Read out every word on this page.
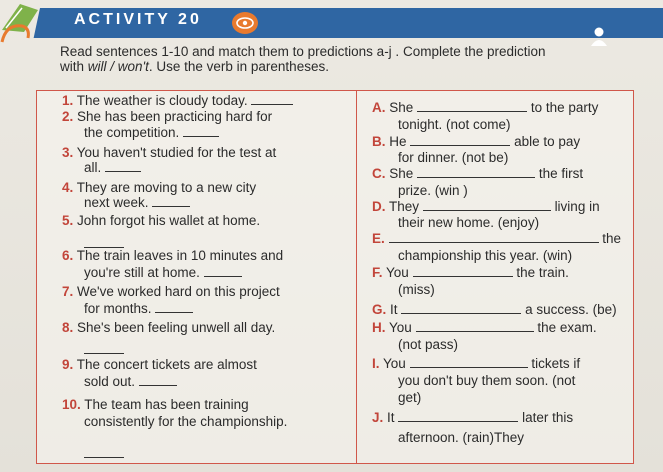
ACTIVITY 20
Read sentences 1-10 and match them to predictions a-j . Complete the prediction
with will / won't. Use the verb in parentheses.
1. The weather is cloudy today.
2. She has been practicing hard for
the competition.
3. You haven't studied for the test at
all.
4. They are moving to a new city
next week.
5. John forgot his wallet at home.
6. The train leaves in 10 minutes and
you're still at home.
7. We've worked hard on this project
for months.
8. She's been feeling unwell all day.
9. The concert tickets are almost
sold out.
10. The team has been training
consistently for the championship.
A. She	to the party
tonight. (not come)
B. He	able to pay
for dinner. (not be)
C. She	the first
prize. (win )
D. They	living in
their new home. (enjoy)
E.	the
championship this year. (win)
F. You	the train.
(miss)
G. It	a success. (be)
H. You	the exam.
(not pass)
I. You	tickets if
you don't buy them soon. (not
get)
J. It	later this
afternoon. (rain)They
